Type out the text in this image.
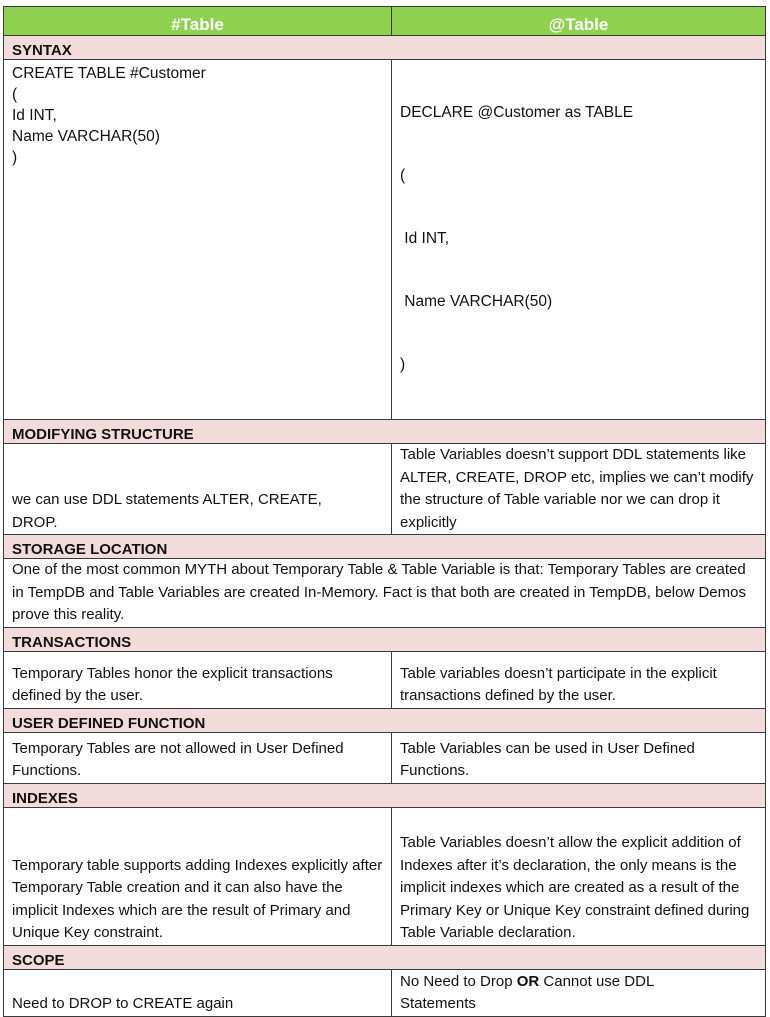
#Table	@Table
SYNTAX	

CREATE TABLE #Customer
(
Id INT,
Name VARCHAR(50)
)	DECLARE @Customer as TABLE

(

Id INT,

Name VARCHAR(50)

)

MODIFYING STRUCTURE	
we can use DDL statements ALTER, CREATE, DROP.	Table Variables doesn’t support DDL statements like ALTER, CREATE, DROP etc, implies we can’t modify the structure of Table variable nor we can drop it explicitly
STORAGE LOCATION	
One of the most common MYTH about Temporary Table & Table Variable is that: Temporary Tables are created in TempDB and Table Variables are created In-Memory. Fact is that both are created in TempDB, below Demos prove this reality.	
TRANSACTIONS	
Temporary Tables honor the explicit transactions defined by the user.	Table variables doesn’t participate in the explicit transactions defined by the user.
USER DEFINED FUNCTION	
Temporary Tables are not allowed in User Defined Functions.	Table Variables can be used in User Defined Functions.
INDEXES	
Temporary table supports adding Indexes explicitly after Temporary Table creation and it can also have the implicit Indexes which are the result of Primary and Unique Key constraint.	Table Variables doesn’t allow the explicit addition of Indexes after it’s declaration, the only means is the implicit indexes which are created as a result of the Primary Key or Unique Key constraint defined during Table Variable declaration.
SCOPE	
Need to DROP to CREATE again	No Need to Drop OR Cannot use DDL Statements
